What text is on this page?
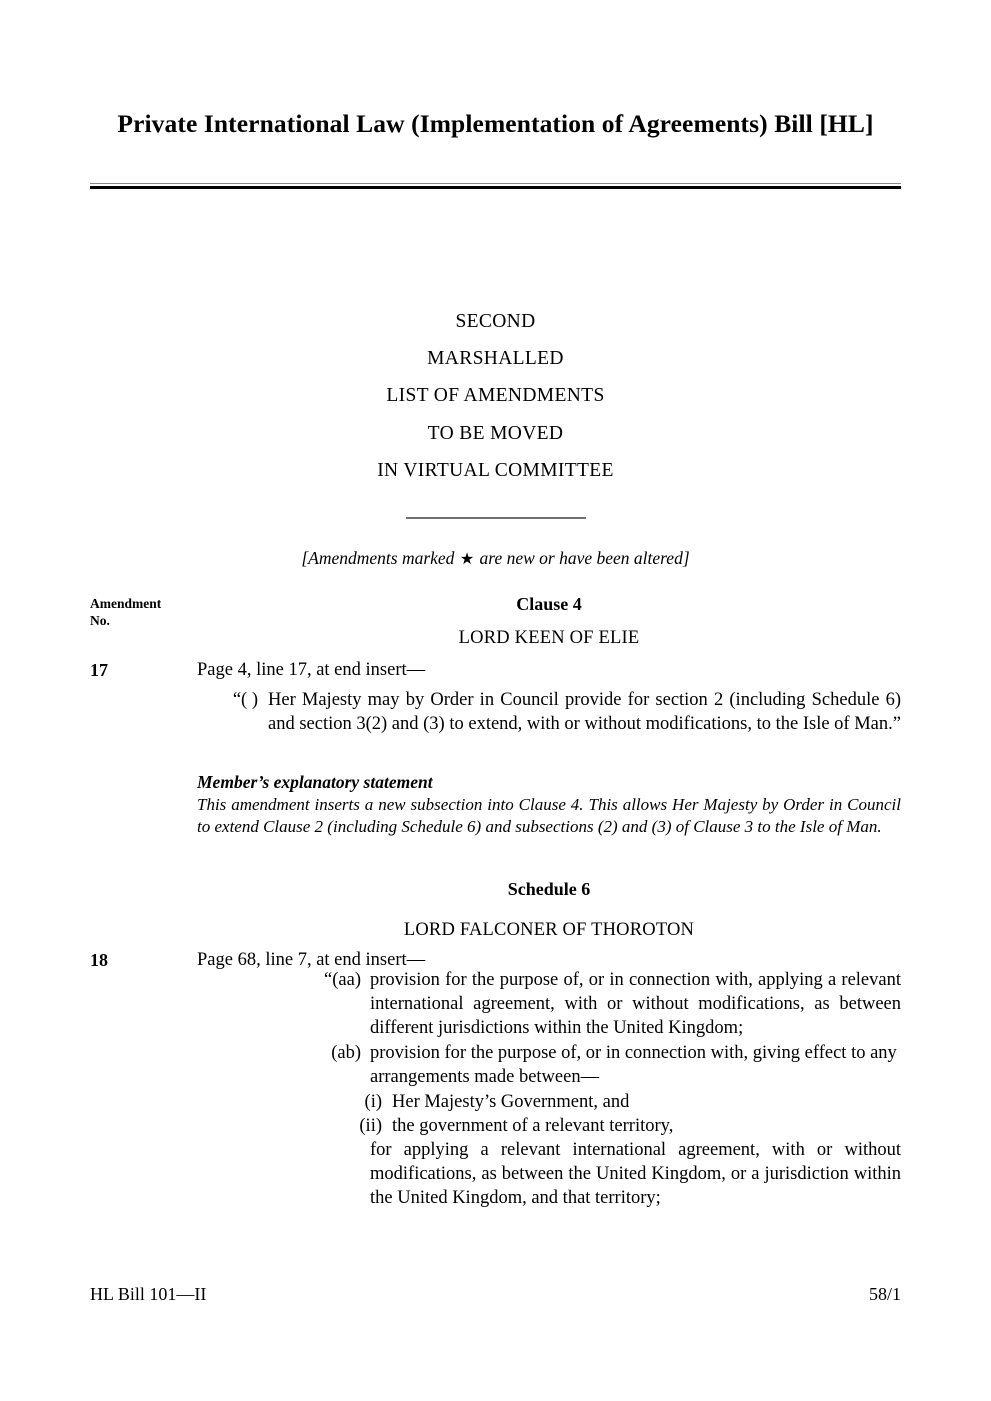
Private International Law (Implementation of Agreements) Bill [HL]
SECOND
MARSHALLED
LIST OF AMENDMENTS
TO BE MOVED
IN VIRTUAL COMMITTEE
[Amendments marked ★ are new or have been altered]
Amendment
No.
Clause 4
LORD KEEN OF ELIE
17	Page 4, line 17, at end insert—
“( ) Her Majesty may by Order in Council provide for section 2 (including Schedule 6) and section 3(2) and (3) to extend, with or without modifications, to the Isle of Man.”
Member’s explanatory statement
This amendment inserts a new subsection into Clause 4. This allows Her Majesty by Order in Council to extend Clause 2 (including Schedule 6) and subsections (2) and (3) of Clause 3 to the Isle of Man.
Schedule 6
LORD FALCONER OF THOROTON
18	Page 68, line 7, at end insert—
“(aa) provision for the purpose of, or in connection with, applying a relevant international agreement, with or without modifications, as between different jurisdictions within the United Kingdom;
(ab) provision for the purpose of, or in connection with, giving effect to any arrangements made between—
(i) Her Majesty’s Government, and
(ii) the government of a relevant territory,
for applying a relevant international agreement, with or without modifications, as between the United Kingdom, or a jurisdiction within the United Kingdom, and that territory;
HL Bill 101—II	58/1
